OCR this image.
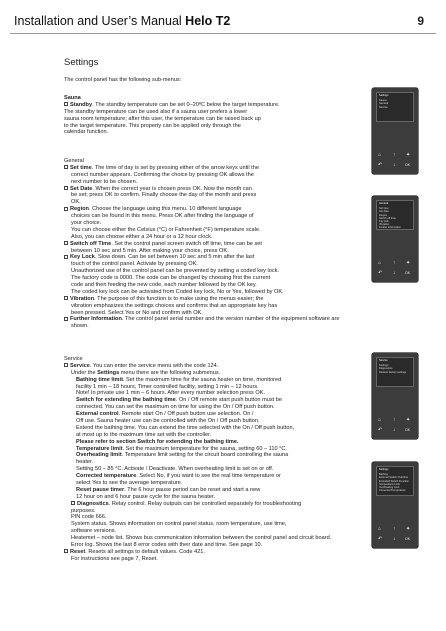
Installation and User’s Manual Helo T2	9
Settings
The control panel has the following sub-menus:
Sauna
Standby. The standby temperature can be set 0–20ºC below the target temperature.
The standby temperature can be used also if a sauna user prefers a lower
sauna room temperature; after this user, the temperature can be raised back up
to the target temperature. This property can be applied only through the
calendar function.
General
Set time. The time of day is set by pressing either of the arrow keys until the
correct number appears. Confirming the choice by pressing OK allows the
next number to be chosen.
Set Date. When the correct year is chosen press OK. Now the month can
be set; press OK to confirm. Finally choose the day of the month and press
OK.
Region. Choose the language using this menu. 10 different language
choices can be found in this menu. Press OK after finding the language of
your choice.
You can choose either the Celsius (°C) or Fahrenheit (°F) temperature scale.
Also, you can choose either a 24 hour or a 12 hour clock.
Switch off Time. Set the control panel screen switch off time, time can be set
between 10 sec and 5 min. After making your choice, press OK.
Key Lock. Slow down. Can be set between 10 sec and 5 min after the last
touch of the control panel. Activate by pressing OK.
Unauthorized use of the control panel can be prevented by setting a coded key lock.
The factory code is 0000. The code can be changed by choosing first the current
code and then feeding the new code, each number followed by the OK key.
The coded key lock can be activated from Coded key lock, No or Yes, followed by OK.
Vibration. The purpose of this function is to make using the menus easier; the
vibration emphasizes the settings choices and confirms that an appropriate key has
been pressed. Select Yes or No and confirm with OK.
Further Information. The control panel serial number and the version number of the equipment software are
shown.
Service
Service. You can enter the service menu with the code 124.
Under the Settings menu there are the following submenus.
Bathing time limit. Set the maximum time for the sauna heater on time, monitored
facility 1 min – 18 hours, Timer controlled facility, setting 1 min – 12 hours.
Note! In private use 1 min – 6 hours. After every number selection press OK.
Switch for extending the bathing time. On / Off remote start push button must be
connected. You can set the maximum on time for using the On / Off push button.
External control. Remote start On / Off push button use selection. On /
Off use. Sauna heater use can be controlled with the On / Off push button.
Extend the bathing time. You can extend the time selected with the On / Off push button,
at most up to the maximum time set with the controller.
Please refer to section Switch for extending the bathing time.
Temperature limit. Set the maximum temperature for the sauna, setting 60 – 110 °C.
Overheating limit. Temperature limit setting for the circuit board controlling the sauna
heater.
Setting 50 – 85 °C. Activate / Deactivate. When overheating limit is set on or off.
Corrected temperature. Select No, if you want to see the real time temperature or
select Yes to see the average temperature.
Reset pause timer. The 6 hour pause period can be reset and start a new
12 hour on and 6 hour pause cycle for the sauna heater.
Diagnostics. Relay control. Relay outputs can be controlled separately for troubleshooting
purposes.
PIN code 666.
System status. Shows information on control panel status, room temperature, use time,
software versions.
Heatemet – node list. Shows bus communication information between the control panel and circuit board.
Error log. Shows the last 8 error codes with their date and time. See page 10.
Reset. Resets all settings to default values. Code 421.
For instructions see page 7, Reset.
Settings
Sauna
General
Service
⌂ ↑ ✦
↶ ↓	OK
General
Set time
Set date
Region
Switch off time
Key lock
Vibration
Further information
⌂ ↑ ✦
↶ ↓	OK
Service
Settings
Diagnostics
Restore factory settings
⌂ ↑ ✦
↶ ↓	OK
Settings
Bathing
External Switch Overtime
Extended Switch Function
Temperature Limit
Overheating Limit
Corrected Temperature
⌂ ↑ ✦
↶ ↓	OK
